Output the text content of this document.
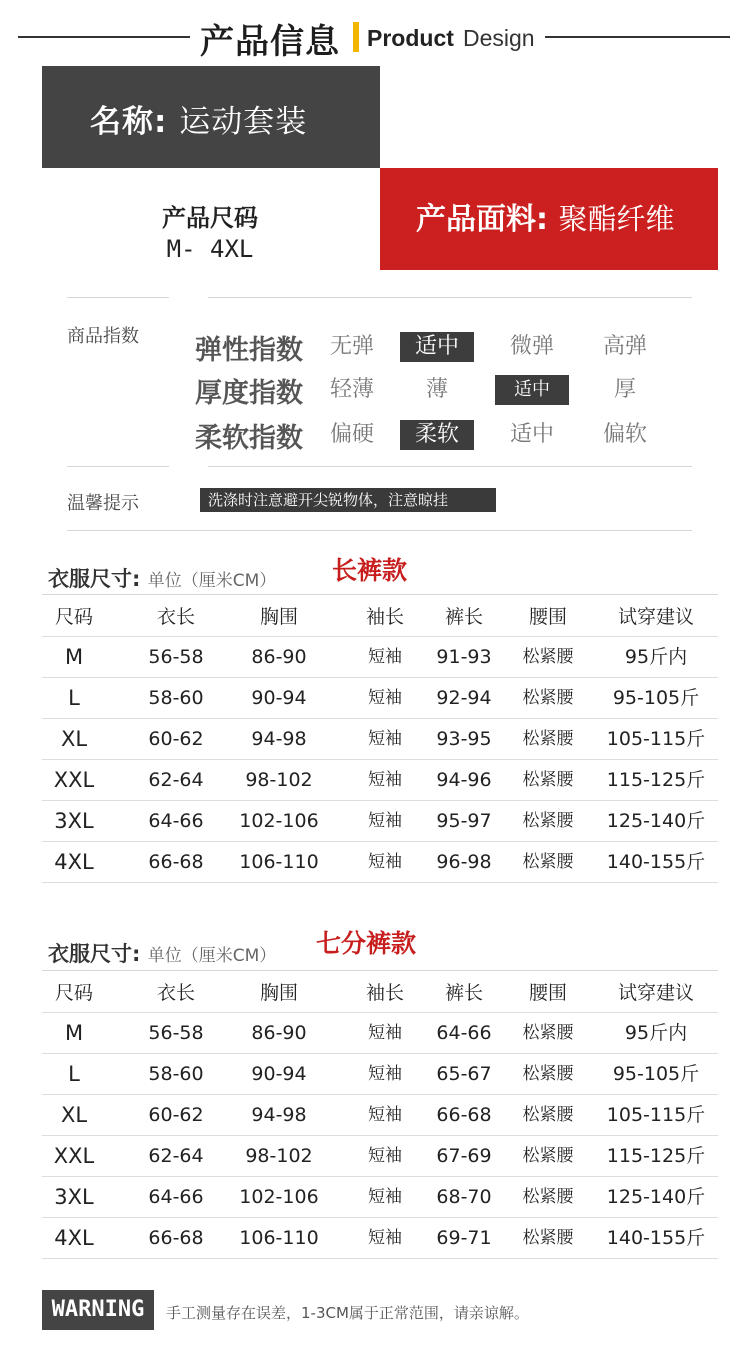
产品信息 Product Design
名称: 运动套装
产品尺码
M- 4XL
产品面料: 聚酯纤维
商品指数 弹性指数	无弹	适中	微弹	高弹
厚度指数	轻薄	薄	适中	厚
柔软指数	偏硬	柔软	适中	偏软
温馨提示	洗涤时注意避开尖锐物体，注意晾挂
衣服尺寸: 单位（厘米CM） 长裤款
尺码	衣长	胸围	袖长	裤长	腰围	试穿建议
M	56-58	86-90	短袖	91-93	松紧腰	95斤内
L	58-60	90-94	短袖	92-94	松紧腰	95-105斤
XL	60-62	94-98	短袖	93-95	松紧腰	105-115斤
XXL	62-64	98-102	短袖	94-96	松紧腰	115-125斤
3XL	64-66	102-106	短袖	95-97	松紧腰	125-140斤
4XL	66-68	106-110	短袖	96-98	松紧腰	140-155斤
衣服尺寸: 单位（厘米CM） 七分裤款
尺码	衣长	胸围	袖长	裤长	腰围	试穿建议
M	56-58	86-90	短袖	64-66	松紧腰	95斤内
L	58-60	90-94	短袖	65-67	松紧腰	95-105斤
XL	60-62	94-98	短袖	66-68	松紧腰	105-115斤
XXL	62-64	98-102	短袖	67-69	松紧腰	115-125斤
3XL	64-66	102-106	短袖	68-70	松紧腰	125-140斤
4XL	66-68	106-110	短袖	69-71	松紧腰	140-155斤
WARNING	手工测量存在误差，1-3CM属于正常范围，请亲谅解。
